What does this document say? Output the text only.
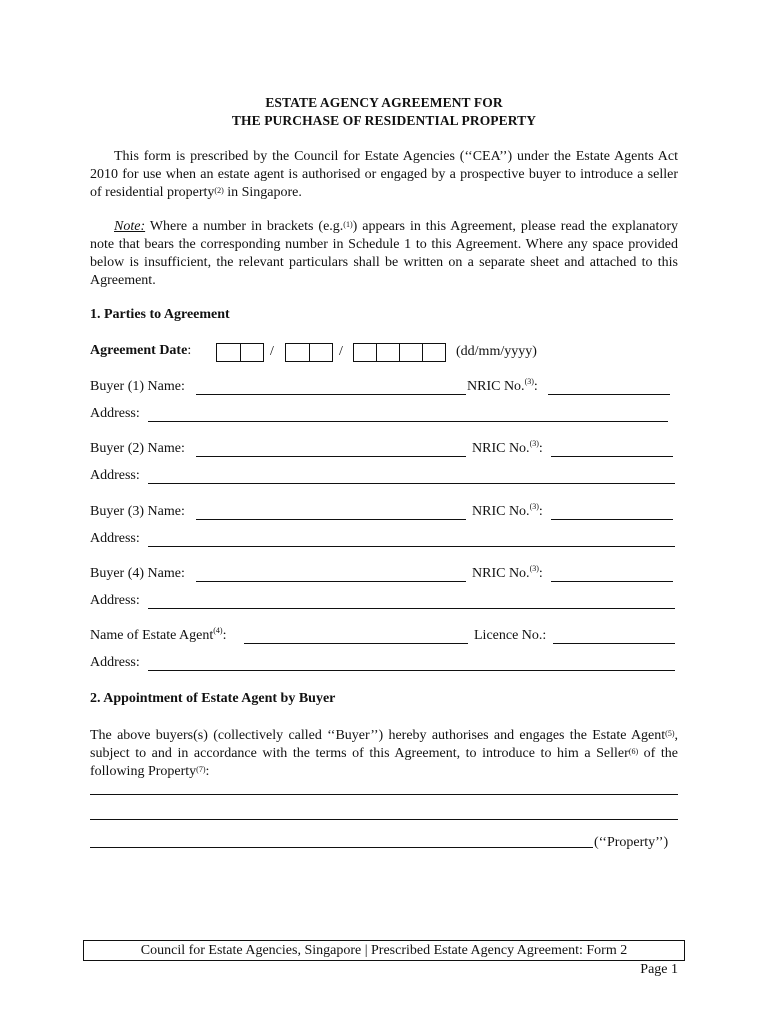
ESTATE AGENCY AGREEMENT FOR
THE PURCHASE OF RESIDENTIAL PROPERTY
This form is prescribed by the Council for Estate Agencies (‘‘CEA’’) under the Estate Agents Act 2010 for use when an estate agent is authorised or engaged by a prospective buyer to introduce a seller of residential property$^{(2)}$ in Singapore.
Note: Where a number in brackets (e.g.$^{(1)}$) appears in this Agreement, please read the explanatory note that bears the corresponding number in Schedule 1 to this Agreement. Where any space provided below is insufficient, the relevant particulars shall be written on a separate sheet and attached to this Agreement.
1. Parties to Agreement
Agreement Date:	/	/	(dd/mm/yyyy)
Buyer (1) Name:	NRIC No.$^{(3)}$:
Address:
Buyer (2) Name:	NRIC No.$^{(3)}$:
Address:
Buyer (3) Name:	NRIC No.$^{(3)}$:
Address:
Buyer (4) Name:	NRIC No.$^{(3)}$:
Address:
Name of Estate Agent$^{(4)}$:	Licence No.:
Address:
2. Appointment of Estate Agent by Buyer
The above buyers(s) (collectively called ‘‘Buyer’’) hereby authorises and engages the Estate Agent$^{(5)}$, subject to and in accordance with the terms of this Agreement, to introduce to him a Seller$^{(6)}$ of the following Property$^{(7)}$:
(‘‘Property’’)
Council for Estate Agencies, Singapore | Prescribed Estate Agency Agreement: Form 2
Page 1
